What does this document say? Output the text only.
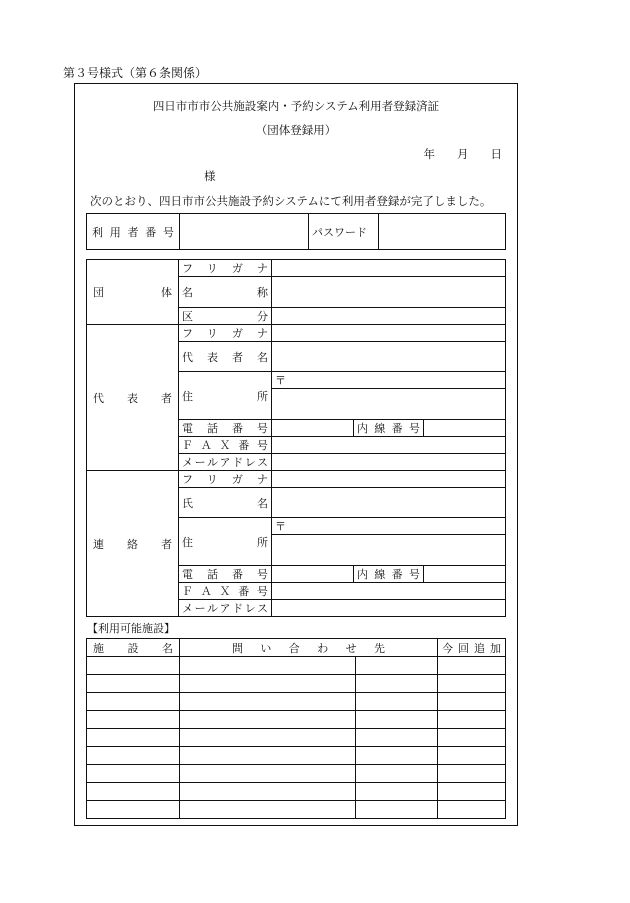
第３号様式（第６条関係）
四日市市市公共施設案内・予約システム利用者登録済証
（団体登録用）
年 月 日
様
次のとおり、四日市市公共施設予約システムにて利用者登録が完了しました。
利用者番号		パスワード	
団体	フリガナ			

	名称			

	区分			

代表者	フリガナ			

	代表者名			

	住所	〒		

	電話番号		内線番号	

	ＦＡＸ番号			

	メールアドレス			

連絡者	フリガナ			

	氏名			

	住所	〒		

	電話番号		内線番号	

	ＦＡＸ番号			

	メールアドレス			

【利用可能施設】
施設名	問い合わせ先		今回追加
